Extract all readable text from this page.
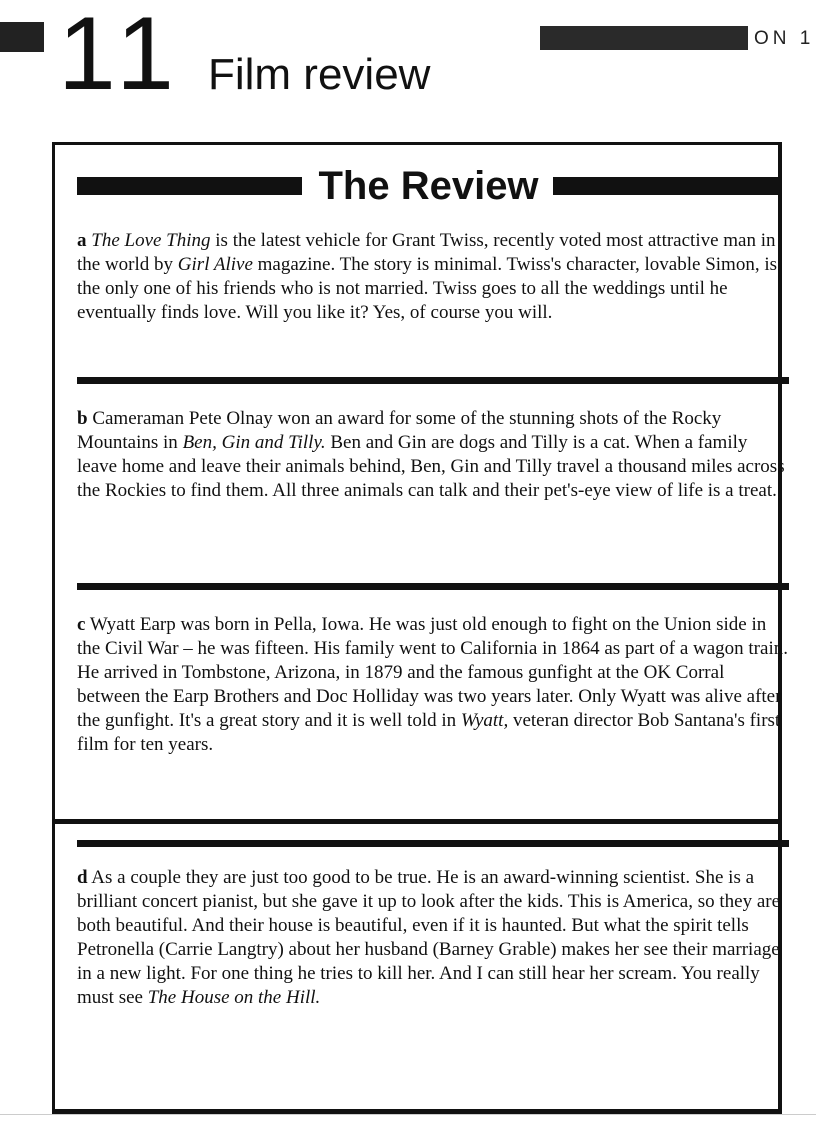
11 Film review
ON 1
The Review

a The Love Thing is the latest vehicle for Grant Twiss, recently voted most attractive man in the world by Girl Alive magazine. The story is minimal. Twiss's character, lovable Simon, is the only one of his friends who is not married. Twiss goes to all the weddings until he eventually finds love. Will you like it? Yes, of course you will.

b Cameraman Pete Olnay won an award for some of the stunning shots of the Rocky Mountains in Ben, Gin and Tilly. Ben and Gin are dogs and Tilly is a cat. When a family leave home and leave their animals behind, Ben, Gin and Tilly travel a thousand miles across the Rockies to find them. All three animals can talk and their pet's-eye view of life is a treat.

c Wyatt Earp was born in Pella, Iowa. He was just old enough to fight on the Union side in the Civil War – he was fifteen. His family went to California in 1864 as part of a wagon train. He arrived in Tombstone, Arizona, in 1879 and the famous gunfight at the OK Corral between the Earp Brothers and Doc Holliday was two years later. Only Wyatt was alive after the gunfight. It's a great story and it is well told in Wyatt, veteran director Bob Santana's first film for ten years.

d As a couple they are just too good to be true. He is an award-winning scientist. She is a brilliant concert pianist, but she gave it up to look after the kids. This is America, so they are both beautiful. And their house is beautiful, even if it is haunted. But what the spirit tells Petronella (Carrie Langtry) about her husband (Barney Grable) makes her see their marriage in a new light. For one thing he tries to kill her. And I can still hear her scream. You really must see The House on the Hill.
